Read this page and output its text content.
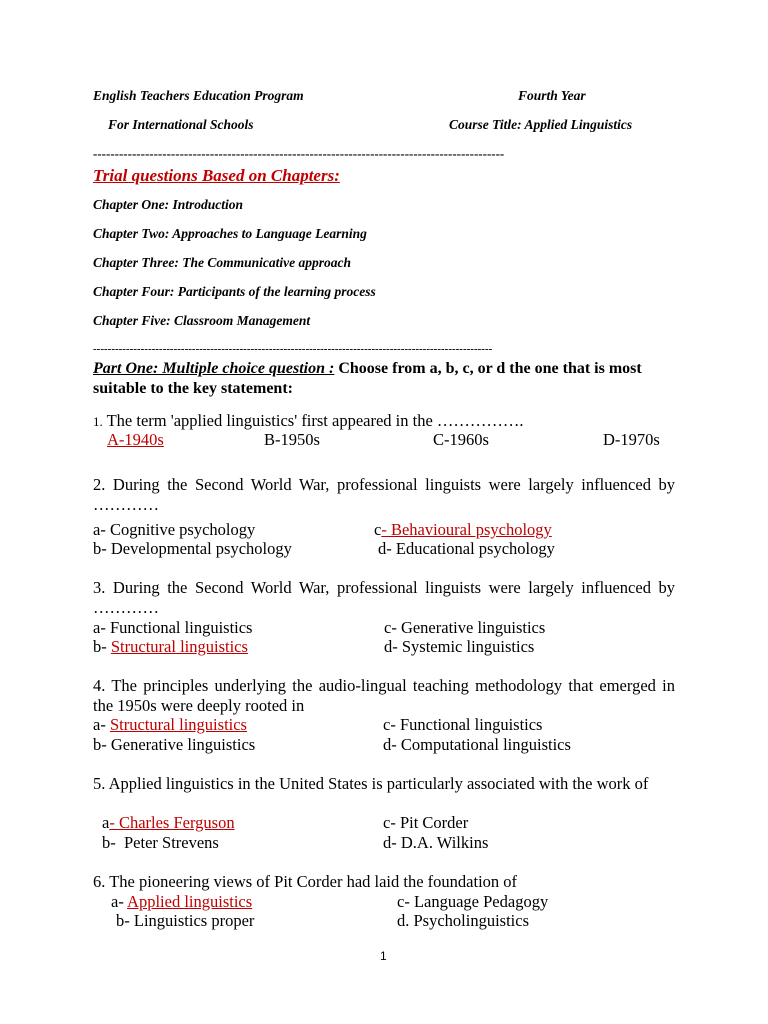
English Teachers Education Program	Fourth Year
For International Schools	Course Title: Applied Linguistics
-----------------------------------------------------------------------------------------------
Trial questions Based on Chapters:
Chapter One: Introduction
Chapter Two: Approaches to Language Learning
Chapter Three: The Communicative approach
Chapter Four: Participants of the learning process
Chapter Five: Classroom Management
-------------------------------------------------------------------------------------------------------------
Part One: Multiple choice question : Choose from a, b, c, or d the one that is most suitable to the key statement:
1. The term 'applied linguistics' first appeared in the …………….
A-1940s	B-1950s	C-1960s	D-1970s
2. During the Second World War, professional linguists were largely influenced by …………
a- Cognitive psychology	c- Behavioural psychology
b- Developmental psychology	d- Educational psychology
3. During the Second World War, professional linguists were largely influenced by …………
a- Functional linguistics	c- Generative linguistics
b- Structural linguistics	d- Systemic linguistics
4. The principles underlying the audio-lingual teaching methodology that emerged in the 1950s were deeply rooted in
a- Structural linguistics	c- Functional linguistics
b- Generative linguistics	d- Computational linguistics
5. Applied linguistics in the United States is particularly associated with the work of
a- Charles Ferguson	c- Pit Corder
b-  Peter Strevens	d- D.A. Wilkins
6. The pioneering views of Pit Corder had laid the foundation of
a- Applied linguistics	c- Language Pedagogy
b- Linguistics proper	d. Psycholinguistics
1
